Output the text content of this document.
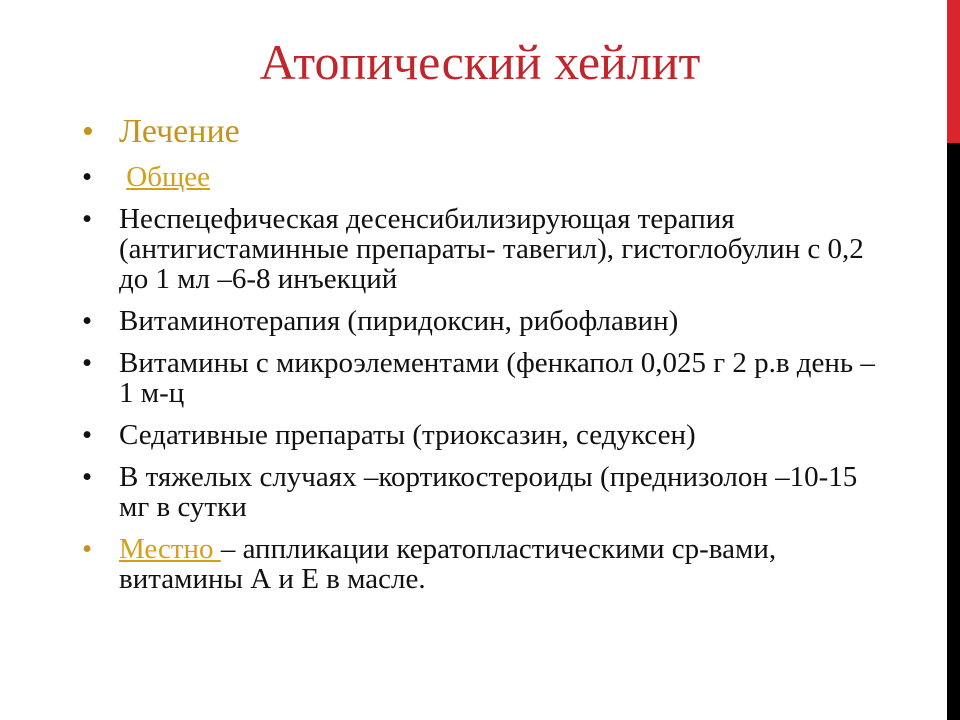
Атопический хейлит
• Лечение
•	Общее
• Неспецефическая десенсибилизирующая терапия (антигистаминные препараты- тавегил), гистоглобулин с 0,2 до 1 мл –6-8 инъекций
• Витаминотерапия (пиридоксин, рибофлавин)
• Витамины с микроэлементами (фенкапол 0,025 г 2 р.в день –1 м-ц
• Седативные препараты (триоксазин, седуксен)
• В тяжелых случаях –кортикостероиды (преднизолон –10-15 мг в сутки
• Местно – аппликации кератопластическими ср-вами, витамины А и Е в масле.
